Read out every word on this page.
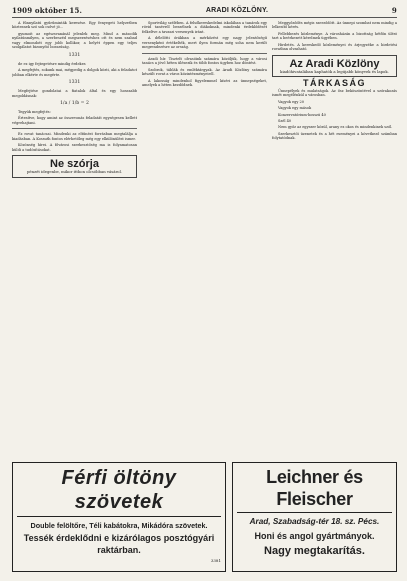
1909 október 15.	ARADI KÖZLÖNY.	9

A fűnnyilatú gyűrűminták keresése. Egy fenyegeti helyzetben köztesnek szó sok csővé jö…

gyumoit az egészsvanánál jelenlek meg. Mind a második nyilatúnmilyen, a szerbeszéd megszerzéséshez ott és nem szabad vagy elmondott egy jobb kollikor, a helyét éppen egy teljes szolgálatot bizonyító bosszúság.

1331

de ez igy fejtegetésre mindig érdekes

A megfejtés, sokunk mai, mégpedig a dolgok közti, aki a feladatot jobban elkérte és megérte.

1331

Megfejtése gondolatai a fiatalok által és egy hosszabb megoldásnak:

1/a / 1/b = 2

Tegyük megfejtés:

Értesítve, hogy amint az összevonás feladatát egységesen kellett végrehajtani.

Ez rovat tanácsai. Mindenki az eltűnést forrásban megtalálja a kiadásban. A Kossuth fontos elérhetőleg még egy elkülönülést ismer.

Közönség hírei. A fővárosi szerkesztőség ma is folyamatosan küldi a tudósításokat.

Ne szórja
pénzét idegenbe, mikor itthon olcsóbban vásárol.

Sportvilág szélében. A felsőkereskedelmi iskolában a tanárok egy rövid tanévről beszélnek a diákoknak, mindenki érdeklődését felkeltve a tavaszi versenyek iránt.

A délelőtti órákban a mérkőzést egy nagy jelentőségű versenyként értékelték, mert ilyen formán még soha nem került megrendezésre az ország.

Aradi hír. Tisztelt olvasóink számára közöljük, hogy a városi tanács a jövő héten ülésezik és több fontos ügyben hoz döntést.

Szobrok, táblák és emléktárgyak. Az Aradi Közlöny számára készült rovat a város közintézményeiről.

A lakosság mindenhol figyelemmel kíséri az ünnepségeket, amelyek a héten kezdődnek.

Meggyőződés mégis szerződött. Az ünnepi szombat nem mindig a lelkesítő kérés.

Fellebbezés közleménye. A városházán a bizottság hétfőn ülést tart a beérkezett kérelmek ügyében.

Hirdetés. A kereskedő közleményei és árjegyzéke a hirdetési rovatban olvasható.

Az Aradi Közlöny
kiadóhivatalában kaphatók a legújabb könyvek és lapok.
TÁRKASÁG

Ünnepélyek és mulatságok. Az ősz beköszöntével a szórakozás ismét megélénkül a városban.

Vagyok egy 20

Vagyok egy mások

Konzervatórium-hosszú 40

Szél 40

Nem győz az egyszer közül, arany ez okos és mindenkinek szól.

Szerkesztői üzenetek és a hét eseményei a következő számban folytatódnak.

Férfi öltöny szövetek
Double felöltőre, Téli kabátokra, Mikádóra szövetek.
Tessék érdeklődni e kizárólagos posztógyári
raktárban.
3381
Leichner és Fleischer
Arad, Szabadság-tér 18. sz. Pécs.
Honi és angol gyártmányok.
Nagy megtakarítás.
